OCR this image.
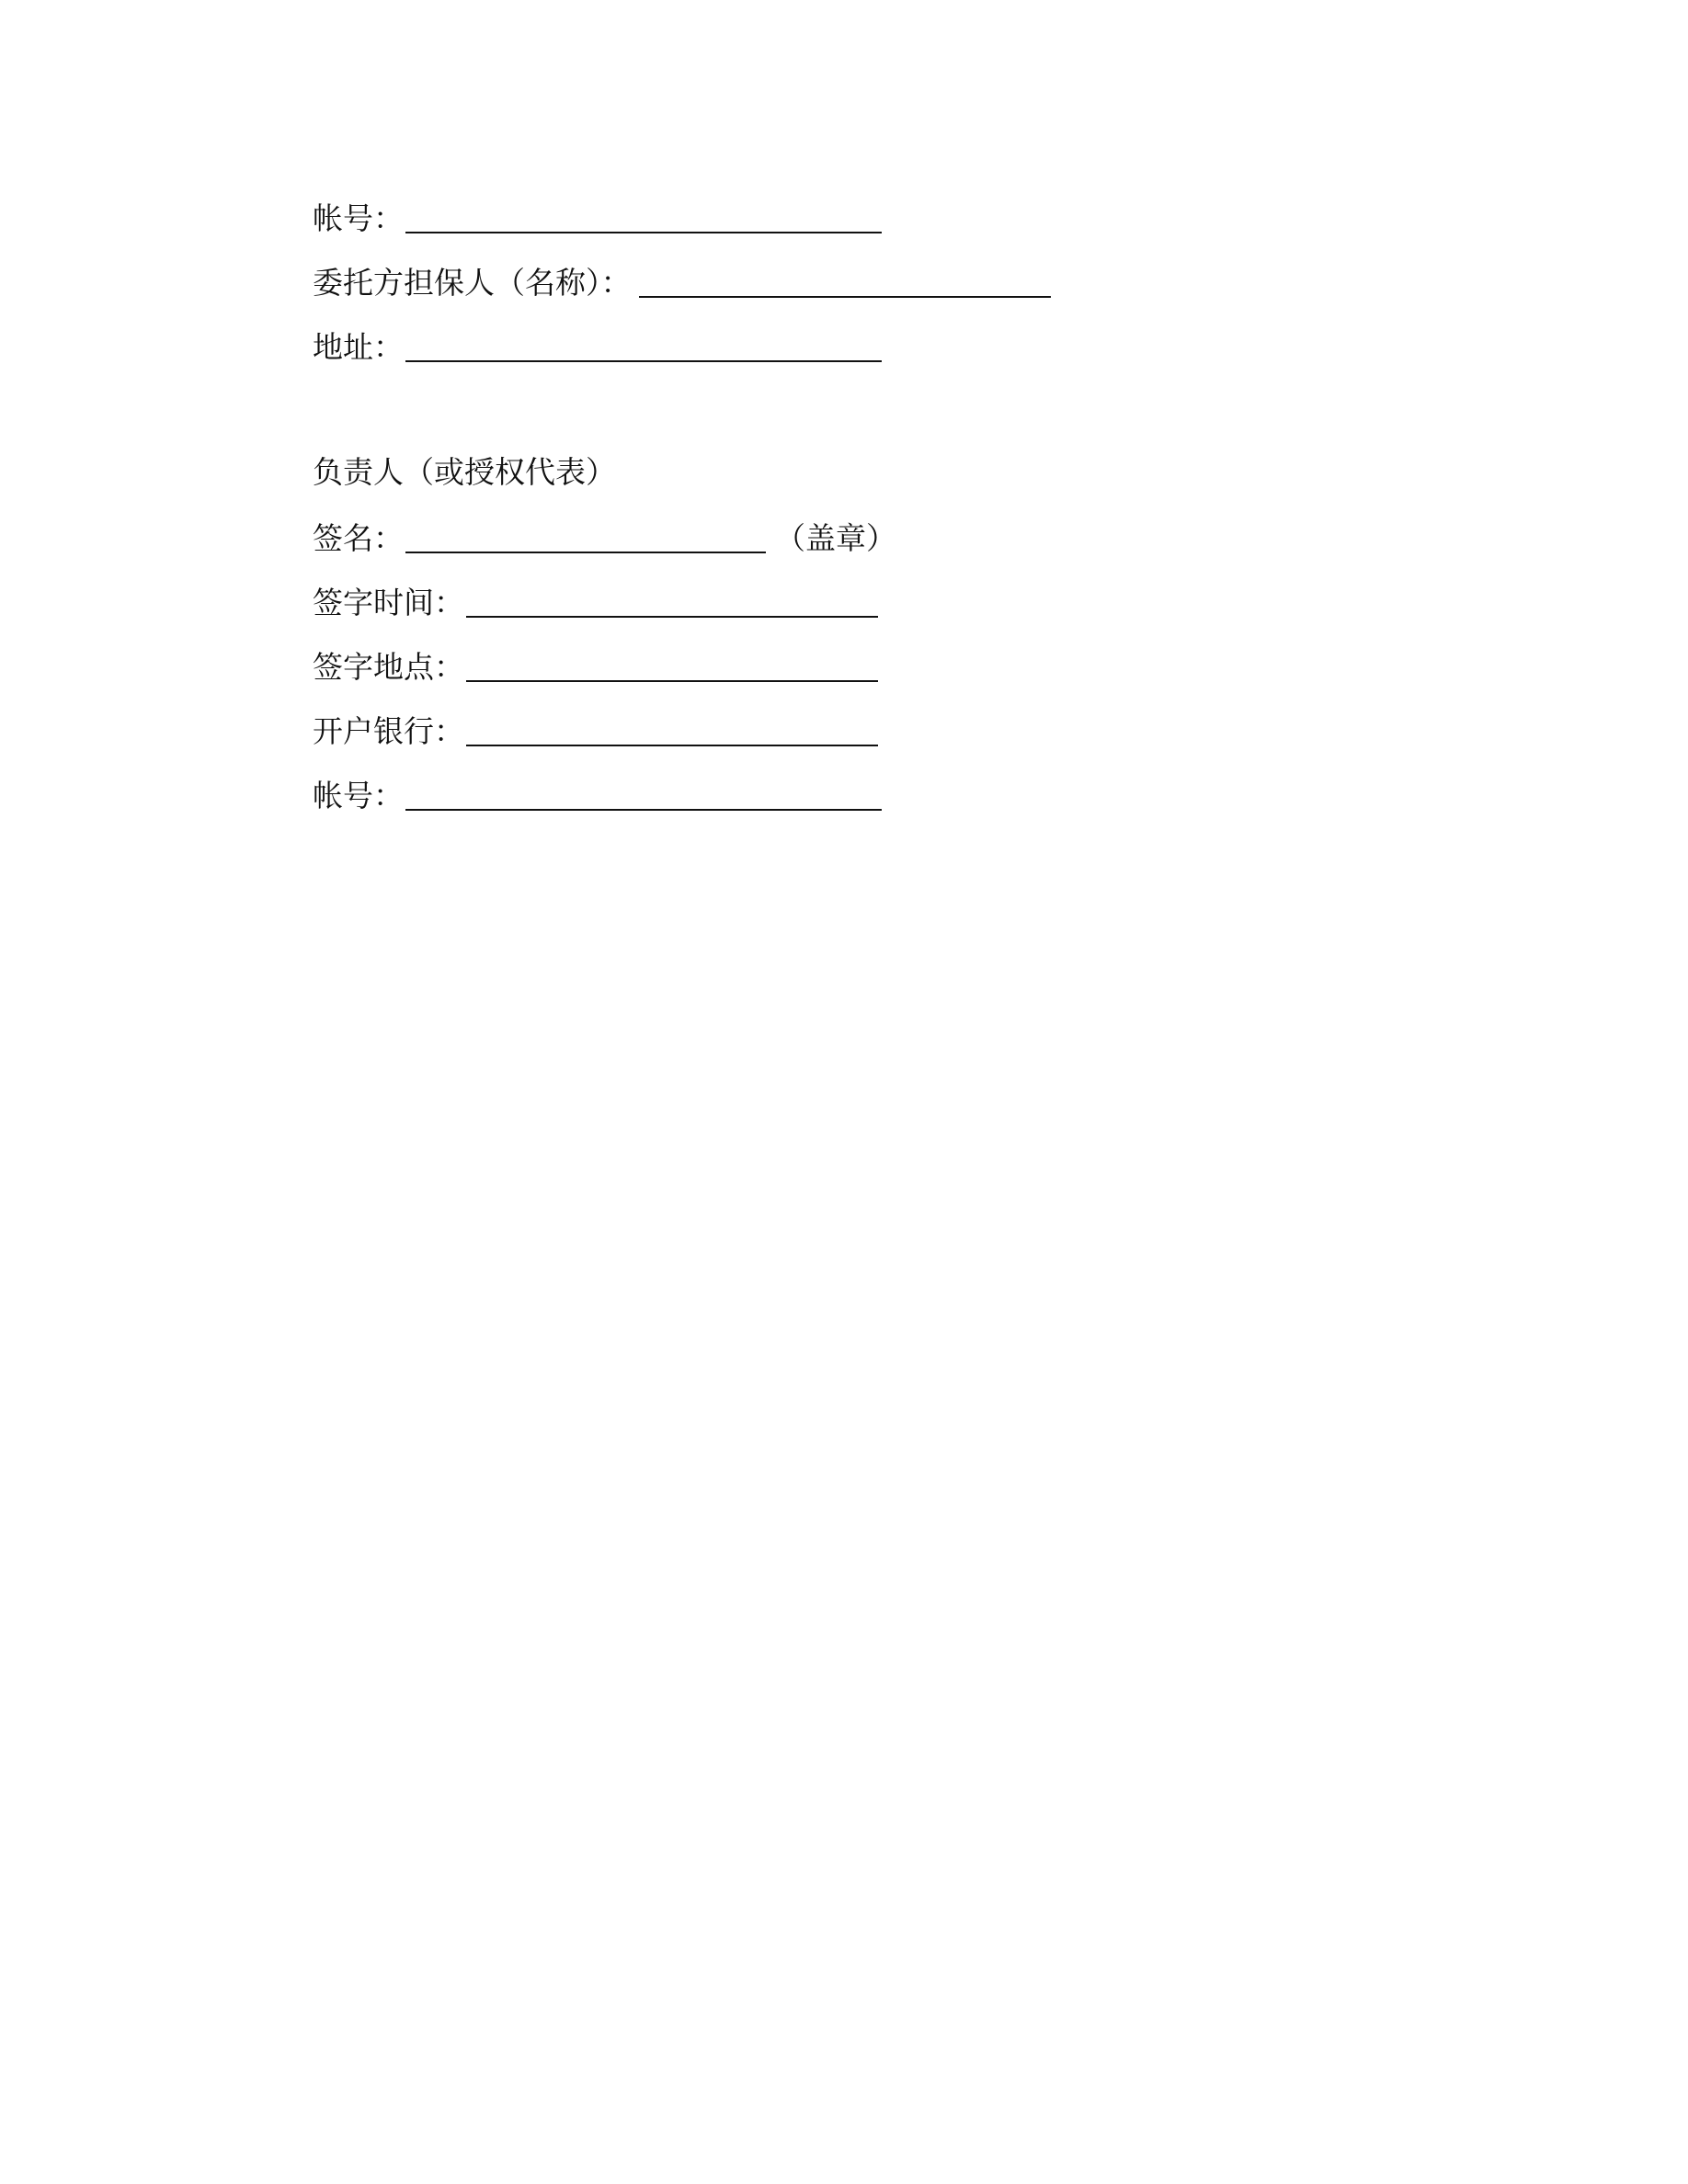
帐号：
委托方担保人（名称）：
地址：
负责人（或授权代表）
签名：	（盖章）
签字时间：
签字地点：
开户银行：
帐号：
